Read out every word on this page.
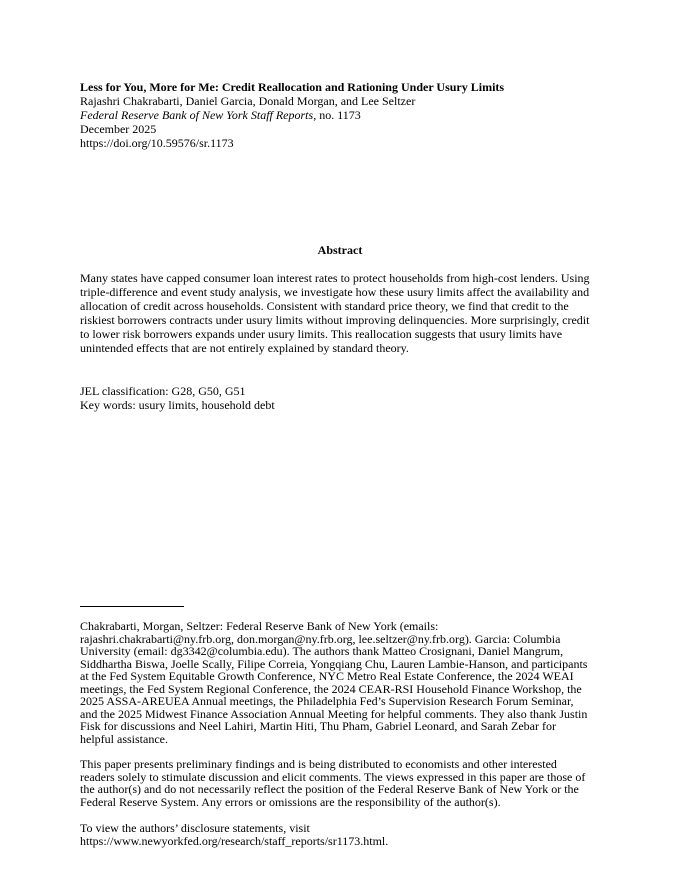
Less for You, More for Me: Credit Reallocation and Rationing Under Usury Limits
Rajashri Chakrabarti, Daniel Garcia, Donald Morgan, and Lee Seltzer
Federal Reserve Bank of New York Staff Reports, no. 1173
December 2025
https://doi.org/10.59576/sr.1173
Abstract
Many states have capped consumer loan interest rates to protect households from high-cost lenders. Using
triple-difference and event study analysis, we investigate how these usury limits affect the availability and
allocation of credit across households. Consistent with standard price theory, we find that credit to the
riskiest borrowers contracts under usury limits without improving delinquencies. More surprisingly, credit
to lower risk borrowers expands under usury limits. This reallocation suggests that usury limits have
unintended effects that are not entirely explained by standard theory.
JEL classification: G28, G50, G51
Key words: usury limits, household debt
Chakrabarti, Morgan, Seltzer: Federal Reserve Bank of New York (emails:
rajashri.chakrabarti@ny.frb.org, don.morgan@ny.frb.org, lee.seltzer@ny.frb.org). Garcia: Columbia
University (email: dg3342@columbia.edu). The authors thank Matteo Crosignani, Daniel Mangrum,
Siddhartha Biswa, Joelle Scally, Filipe Correia, Yongqiang Chu, Lauren Lambie-Hanson, and participants
at the Fed System Equitable Growth Conference, NYC Metro Real Estate Conference, the 2024 WEAI
meetings, the Fed System Regional Conference, the 2024 CEAR-RSI Household Finance Workshop, the
2025 ASSA-AREUEA Annual meetings, the Philadelphia Fed’s Supervision Research Forum Seminar,
and the 2025 Midwest Finance Association Annual Meeting for helpful comments. They also thank Justin
Fisk for discussions and Neel Lahiri, Martin Hiti, Thu Pham, Gabriel Leonard, and Sarah Zebar for
helpful assistance.
This paper presents preliminary findings and is being distributed to economists and other interested
readers solely to stimulate discussion and elicit comments. The views expressed in this paper are those of
the author(s) and do not necessarily reflect the position of the Federal Reserve Bank of New York or the
Federal Reserve System. Any errors or omissions are the responsibility of the author(s).
To view the authors’ disclosure statements, visit
https://www.newyorkfed.org/research/staff_reports/sr1173.html.
